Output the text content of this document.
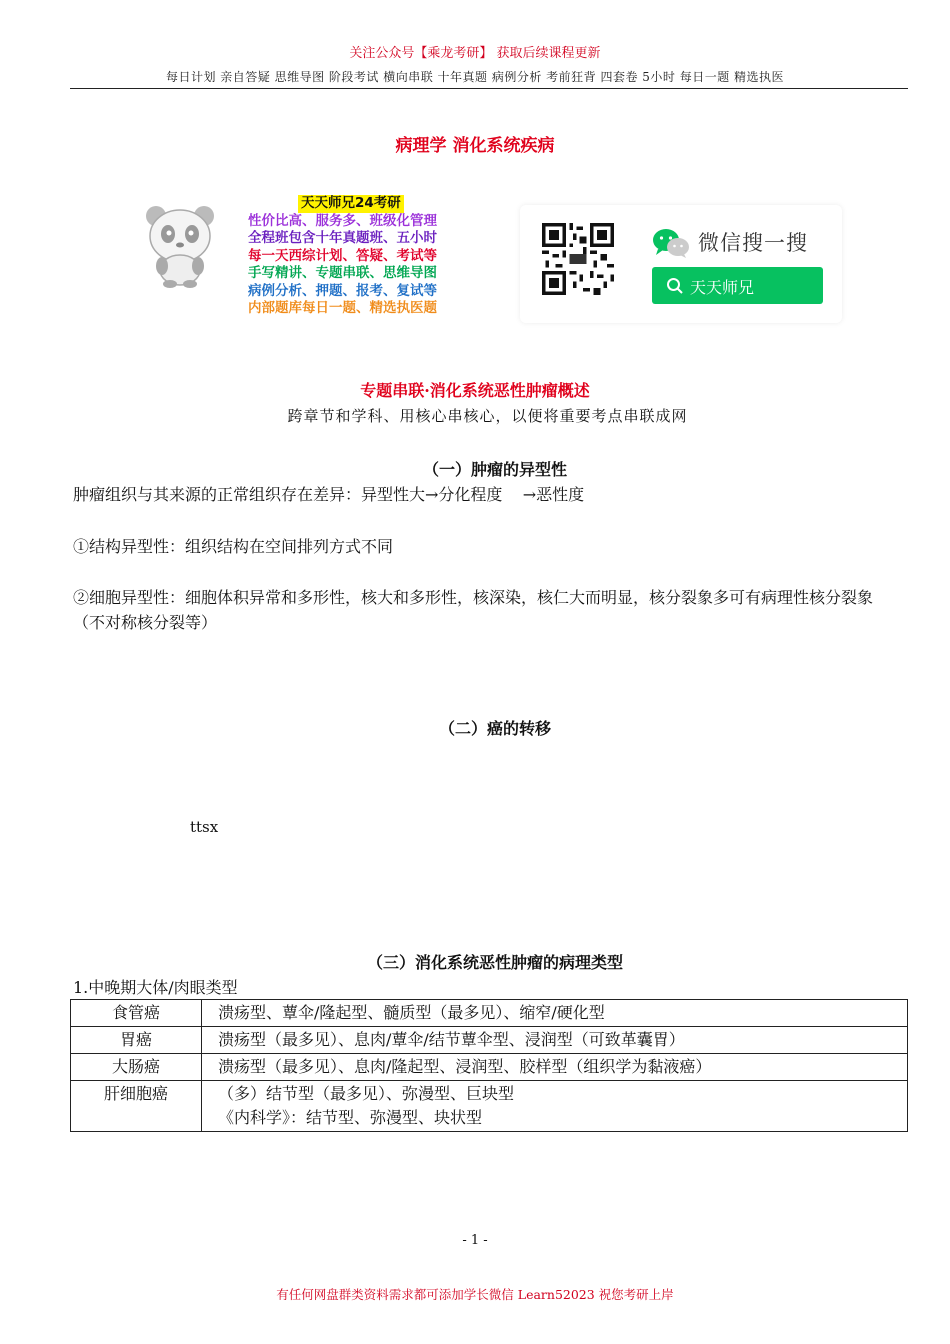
关注公众号【乘龙考研】 获取后续课程更新
每日计划 亲自答疑 思维导图 阶段考试 横向串联 十年真题 病例分析 考前狂背 四套卷 5小时 每日一题 精选执医
病理学 消化系统疾病
天天师兄24考研
性价比高、服务多、班级化管理
全程班包含十年真题班、五小时
每一天西综计划、答疑、考试等
手写精讲、专题串联、思维导图
病例分析、押题、报考、复试等
内部题库每日一题、精选执医题
微信搜一搜
天天师兄
专题串联·消化系统恶性肿瘤概述
跨章节和学科、用核心串核心，以便将重要考点串联成网
（一）肿瘤的异型性
肿瘤组织与其来源的正常组织存在差异：异型性大→分化程度    →恶性度
①结构异型性：组织结构在空间排列方式不同
②细胞异型性：细胞体积异常和多形性，核大和多形性，核深染，核仁大而明显，核分裂象多可有病理性核分裂象（不对称核分裂等）
（二）癌的转移
ttsx
（三）消化系统恶性肿瘤的病理类型
1.中晚期大体/肉眼类型
食管癌	溃疡型、蕈伞/隆起型、髓质型（最多见）、缩窄/硬化型
胃癌	溃疡型（最多见）、息肉/蕈伞/结节蕈伞型、浸润型（可致革囊胃）
大肠癌	溃疡型（最多见）、息肉/隆起型、浸润型、胶样型（组织学为黏液癌）
肝细胞癌	（多）结节型（最多见）、弥漫型、巨块型
《内科学》：结节型、弥漫型、块状型
- 1 -
有任何网盘群类资料需求都可添加学长微信 Learn52023 祝您考研上岸
